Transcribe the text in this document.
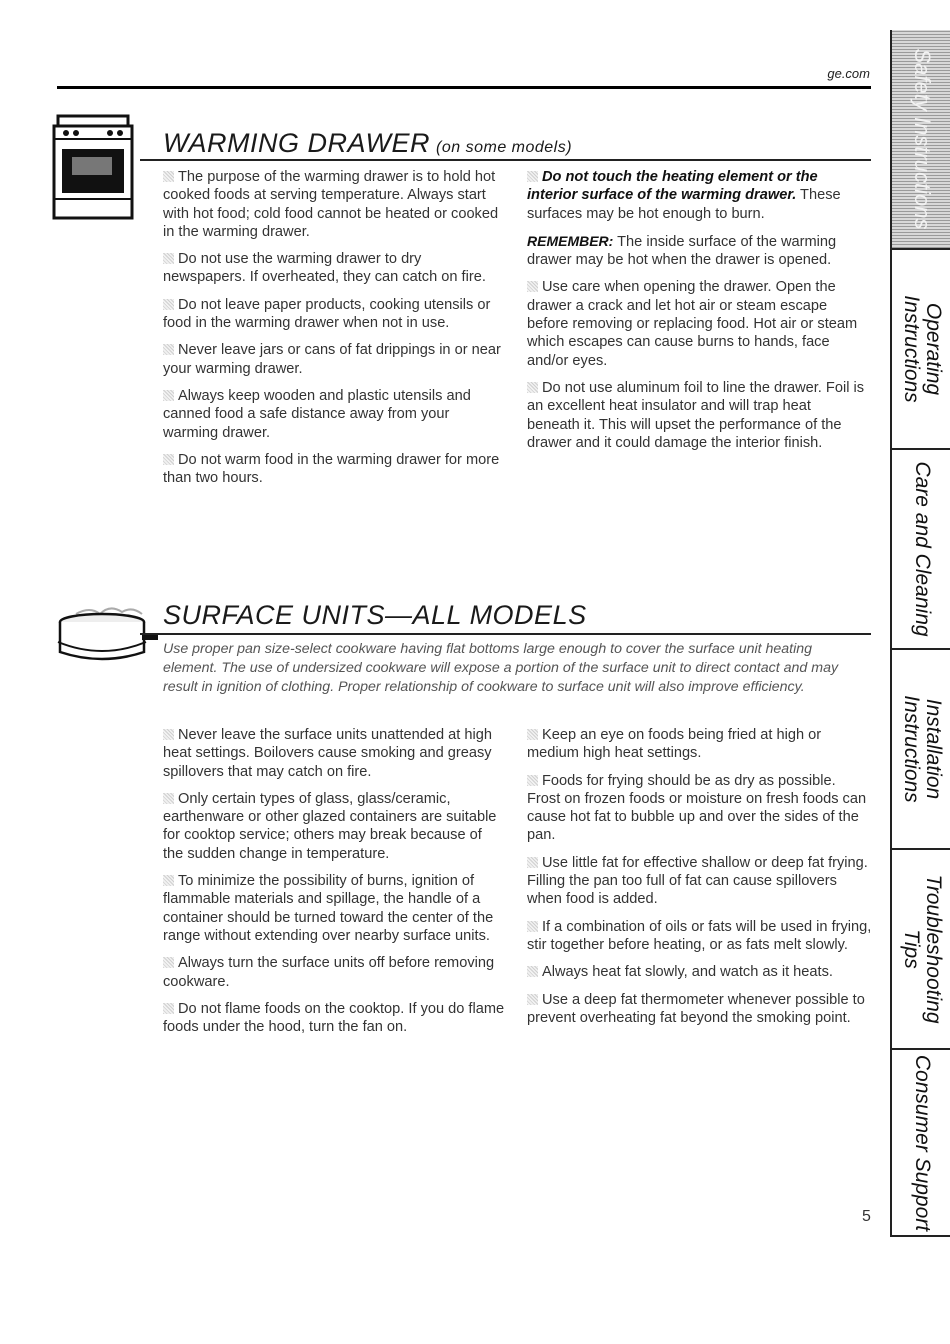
ge.com
WARMING DRAWER (on some models)

The purpose of the warming drawer is to hold hot cooked foods at serving temperature. Always start with hot food; cold food cannot be heated or cooked in the warming drawer.

Do not use the warming drawer to dry newspapers. If overheated, they can catch on fire.

Do not leave paper products, cooking utensils or food in the warming drawer when not in use.

Never leave jars or cans of fat drippings in or near your warming drawer.

Always keep wooden and plastic utensils and canned food a safe distance away from your warming drawer.

Do not warm food in the warming drawer for more than two hours.

Do not touch the heating element or the interior surface of the warming drawer. These surfaces may be hot enough to burn.

REMEMBER: The inside surface of the warming drawer may be hot when the drawer is opened.

Use care when opening the drawer. Open the drawer a crack and let hot air or steam escape before removing or replacing food. Hot air or steam which escapes can cause burns to hands, face and/or eyes.

Do not use aluminum foil to line the drawer. Foil is an excellent heat insulator and will trap heat beneath it. This will upset the performance of the drawer and it could damage the interior finish.

SURFACE UNITS—ALL MODELS
Use proper pan size-select cookware having flat bottoms large enough to cover the surface unit heating element. The use of undersized cookware will expose a portion of the surface unit to direct contact and may result in ignition of clothing. Proper relationship of cookware to surface unit will also improve efficiency.

Never leave the surface units unattended at high heat settings. Boilovers cause smoking and greasy spillovers that may catch on fire.

Only certain types of glass, glass/ceramic, earthenware or other glazed containers are suitable for cooktop service; others may break because of the sudden change in temperature.

To minimize the possibility of burns, ignition of flammable materials and spillage, the handle of a container should be turned toward the center of the range without extending over nearby surface units.

Always turn the surface units off before removing cookware.

Do not flame foods on the cooktop. If you do flame foods under the hood, turn the fan on.

Keep an eye on foods being fried at high or medium high heat settings.

Foods for frying should be as dry as possible. Frost on frozen foods or moisture on fresh foods can cause hot fat to bubble up and over the sides of the pan.

Use little fat for effective shallow or deep fat frying. Filling the pan too full of fat can cause spillovers when food is added.

If a combination of oils or fats will be used in frying, stir together before heating, or as fats melt slowly.

Always heat fat slowly, and watch as it heats.

Use a deep fat thermometer whenever possible to prevent overheating fat beyond the smoking point.

Safety Instructions
Operating
Instructions
Care and Cleaning
Installation
Instructions
Troubleshooting
Tips
Consumer Support
5
